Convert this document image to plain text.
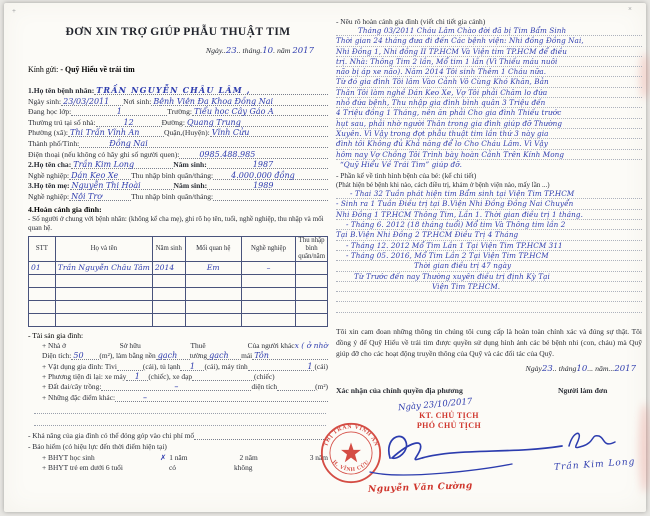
+	×
ĐƠN XIN TRỢ GIÚP PHẪU THUẬT TIM
Ngày..23.. tháng.10. năm 2017
Kính gửi: - Quỹ Hiểu về trái tim
1.Họ tên bệnh nhân: TRẦN NGUYỄN CHÂU LÂM ,
Ngày sinh: 23/03/2011	Nơi sinh: Bệnh Viện Đa Khoa Đồng Nai
Đang học lớp:	1	Trường: Tiểu học Cây Gáo A
Thường trú tại số nhà:	12	Đường: Quang Trung
Phường (xã): Thị Trấn Vĩnh An	Quận,(Huyện): Vĩnh Cửu
Thành phố/Tỉnh:	Đồng Nai
Điện thoại (nếu không có hãy ghi số người quen):	0985.488.985
2.Họ tên cha: Trần Kim Long	Năm sinh:	1987
Nghề nghiệp: Dán Keo Xe	Thu nhập bình quân/tháng:	4.000.000 đồng
3.Họ tên mẹ: Nguyễn Thị Hoài	Năm sinh:	1989
Nghề nghiệp: Nội Trợ	Thu nhập bình quân/tháng:
4.Hoàn cảnh gia đình:
- Số người ở chung với bệnh nhân: (không kể cha mẹ), ghi rõ họ tên, tuổi, nghề nghiệp, thu nhập và mối quan hệ.
STT	Họ và tên	Năm sinh	Mối quan hệ	Nghề nghiệp	Thu nhập bình quân/năm
01	Trần Nguyễn Châu Tâm	2014	Em	–	

- Tài sản gia đình:
+ Nhà ở	Sở hữu	Thuê	Của người khác x ( ở nhờ
Diện tích: 50	(m²), làm bằng nền gạch	tường gạch	mái Tôn
+ Vật dụng gia đình: Tivi	(cái), tủ lạnh	1	(cái), máy tính	1 (cái)
+ Phương tiện đi lại: xe máy	1	(chiếc), xe đạp	(chiếc)
+ Đất đai/cây trồng:	–	diện tích	(m²)
+ Những đặc điểm khác:	–
- Khả năng của gia đình có thể đóng góp vào chi phí mổ
- Bảo hiểm (có hiệu lực đến thời điểm hiện tại)
+ BHYT học sinh	✗ 1 năm	2 năm	3 năm
+ BHYT trẻ em dưới 6 tuổi	có	không
- Nêu rõ hoàn cảnh gia đình (viết chi tiết gia cảnh)
Tháng 03/2011 Cháu Lâm Chào đời đã bị Tim Bẩm Sinh
Thời gian 24 tháng đưa đi đến Các bệnh viện: Nhi đồng Đồng Nai,
Nhi Đồng 1, Nhi đồng II TP.HCM Và Viện tim TP.HCM để điều
trị. Nhà: Thông Tim 2 lần, Mổ tim 1 lần (Vì Thiếu máu nuôi
não bị áp xe não). Năm 2014 Tôi sinh Thêm 1 Cháu nữa.
Từ đó gia đình Tôi lâm Vào Cảnh Vô Cùng Khó Khăn, Bản
Thân Tôi làm nghề Dán Keo Xe, Vợ Tôi phải Chăm lo đứa
nhỏ đứa bệnh, Thu nhập gia đình bình quân 3 Triệu đến
4 Triệu đồng 1 Tháng, nên ăn phải Cho gia đình Thiếu trước
hụt sau, phải nhờ người Thân trong gia đình giúp đỡ Thường
Xuyên. Vì Vậy trong đợt phẫu thuật tim lần thứ 3 này gia
đình tôi Không đủ Khả năng để lo Cho Cháu Lâm. Vì Vậy
hôm nay Vợ Chồng Tôi Trình bày hoàn Cảnh Trên Kính Mong
“Quỹ Hiểu Về Trái Tim” giúp đỡ.
- Phần kể về tình hình bệnh của bé: (kể chi tiết)
(Phát hiện bé bệnh khi nào, cách điều trị, khám ở bệnh viện nào, mấy lần ...)
- Thai 32 Tuần phát hiện tim Bẩm sinh tại Viện Tim TP.HCM
- Sinh ra 1 Tuần Điều trị tại B.Viện Nhi Đồng Đồng Nai Chuyển
Nhi Đồng 1 TP.HCM Thông Tim, Lần 1. Thời gian điều trị 1 tháng.
- Tháng 6. 2012 (18 tháng tuổi) Mổ tim Và Thông tim lần 2
Tại B.Viện Nhi Đồng 2 TP.HCM Điều Trị 4 Tháng
- Tháng 12. 2012 Mổ Tim Lần 1 Tại Viện Tim TP.HCM 311
- Tháng 05. 2016, Mổ Tim Lần 2 Tại Viện Tim TP.HCM
Thời gian điều trị 47 ngày
Từ Trước đến nay Thường xuyên điều trị định Kỳ Tại
Viện Tim TP.HCM.
Tôi xin cam đoan những thông tin chúng tôi cung cấp là hoàn toàn chính xác và đúng sự thật. Tôi đồng ý để Quỹ Hiểu về trái tim được quyền sử dụng hình ảnh các bé bệnh nhi (con, cháu) mà Quỹ giúp đỡ cho các hoạt động truyền thông của Quỹ và các đối tác của Quỹ.
Ngày23.. tháng10... năm...2017
Xác nhận của chính quyền địa phương	Người làm đơn
Ngày 23/10/2017
KT. CHỦ TỊCH
PHÓ CHỦ TỊCH
THỊ TRẤN VĨNH AN
H. VĨNH CỬU
Nguyễn Văn Cường
Trần Kim Long
